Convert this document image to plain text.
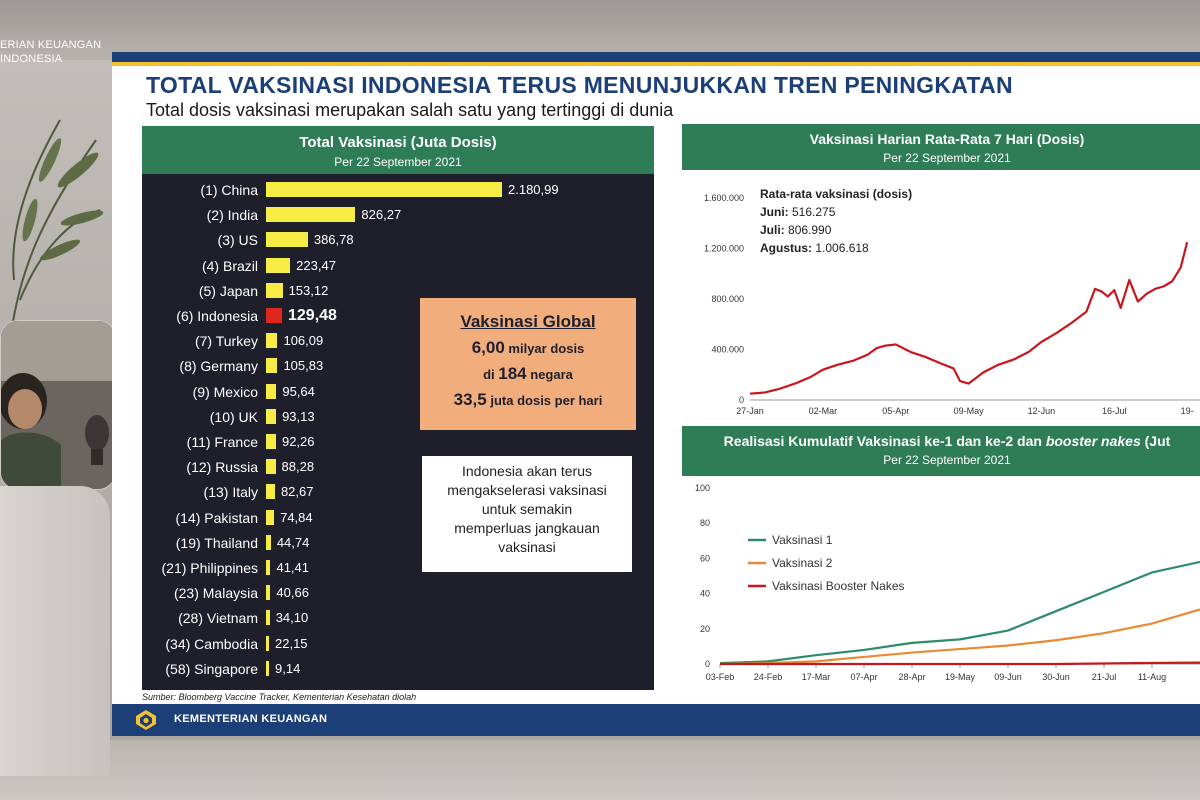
ERIAN KEUANGAN
INDONESIA
TOTAL VAKSINASI INDONESIA TERUS MENUNJUKKAN TREN PENINGKATAN
Total dosis vaksinasi merupakan salah satu yang tertinggi di dunia
Total Vaksinasi (Juta Dosis)
Per 22 September 2021
(1) China	2.180,99
(2) India	826,27
(3) US	386,78
(4) Brazil	223,47
(5) Japan 153,12
(6) Indonesia 129,48
(7) Turkey 106,09
(8) Germany 105,83
(9) Mexico 95,64
(10) UK 93,13
(11) France 92,26
(12) Russia 88,28
(13) Italy 82,67
(14) Pakistan 74,84
(19) Thailand 44,74
(21) Philippines 41,41
(23) Malaysia 40,66
(28) Vietnam 34,10
(34) Cambodia 22,15
(58) Singapore 9,14
Vaksinasi Global
6,00 milyar dosis
di 184 negara
33,5 juta dosis per hari
Indonesia akan terus
mengakselerasi vaksinasi
untuk semakin
memperluas jangkauan
vaksinasi
Vaksinasi Harian Rata-Rata 7 Hari (Dosis)
Per 22 September 2021
0
400.000
800.000
1.200.000
1.600.000
27-Jan	02-Mar	05-Apr	09-May	12-Jun	16-Jul	19-
Rata-rata vaksinasi (dosis)
Juni: 516.275
Juli: 806.990
Agustus: 1.006.618
Realisasi Kumulatif Vaksinasi ke-1 dan ke-2 dan booster nakes (Jut
Per 22 September 2021
0
20
40
60
80
100
03-Feb 24-Feb 17-Mar 07-Apr 28-Apr 19-May 09-Jun 30-Jun 21-Jul 11-Aug
Vaksinasi 1
Vaksinasi 2
Vaksinasi Booster Nakes
Sumber: Bloomberg Vaccine Tracker, Kementerian Kesehatan diolah
KEMENTERIAN KEUANGAN
